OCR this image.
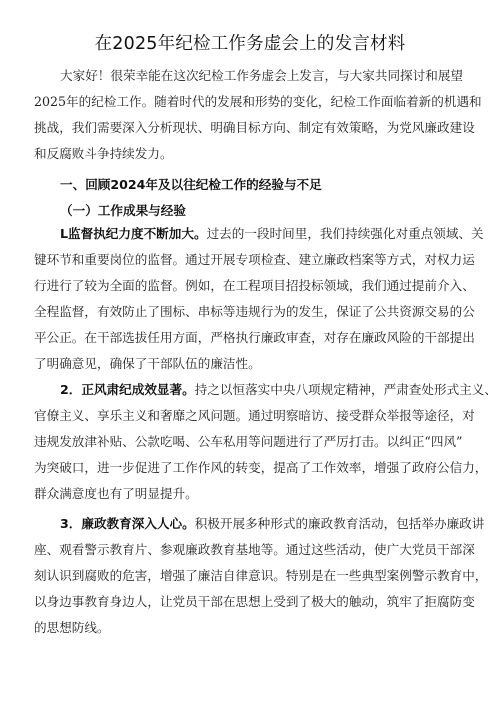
在2025年纪检工作务虚会上的发言材料
大家好！很荣幸能在这次纪检工作务虚会上发言，与大家共同探讨和展望
2025年的纪检工作。随着时代的发展和形势的变化，纪检工作面临着新的机遇和
挑战，我们需要深入分析现状、明确目标方向、制定有效策略，为党风廉政建设
和反腐败斗争持续发力。
一、回顾2024年及以往纪检工作的经验与不足
（一）工作成果与经验
L监督执纪力度不断加大。过去的一段时间里，我们持续强化对重点领域、关
键环节和重要岗位的监督。通过开展专项检查、建立廉政档案等方式，对权力运
行进行了较为全面的监督。例如，在工程项目招投标领域，我们通过提前介入、
全程监督，有效防止了围标、串标等违规行为的发生，保证了公共资源交易的公
平公正。在干部选拔任用方面，严格执行廉政审查，对存在廉政风险的干部提出
了明确意见，确保了干部队伍的廉洁性。
2．正风肃纪成效显著。持之以恒落实中央八项规定精神，严肃查处形式主义、
官僚主义、享乐主义和奢靡之风问题。通过明察暗访、接受群众举报等途径，对
违规发放津补贴、公款吃喝、公车私用等问题进行了严厉打击。以纠正“四风”
为突破口，进一步促进了工作作风的转变，提高了工作效率，增强了政府公信力，
群众满意度也有了明显提升。
3．廉政教育深入人心。积极开展多种形式的廉政教育活动，包括举办廉政讲
座、观看警示教育片、参观廉政教育基地等。通过这些活动，使广大党员干部深
刻认识到腐败的危害，增强了廉洁自律意识。特别是在一些典型案例警示教育中，
以身边事教育身边人，让党员干部在思想上受到了极大的触动，筑牢了拒腐防变
的思想防线。
